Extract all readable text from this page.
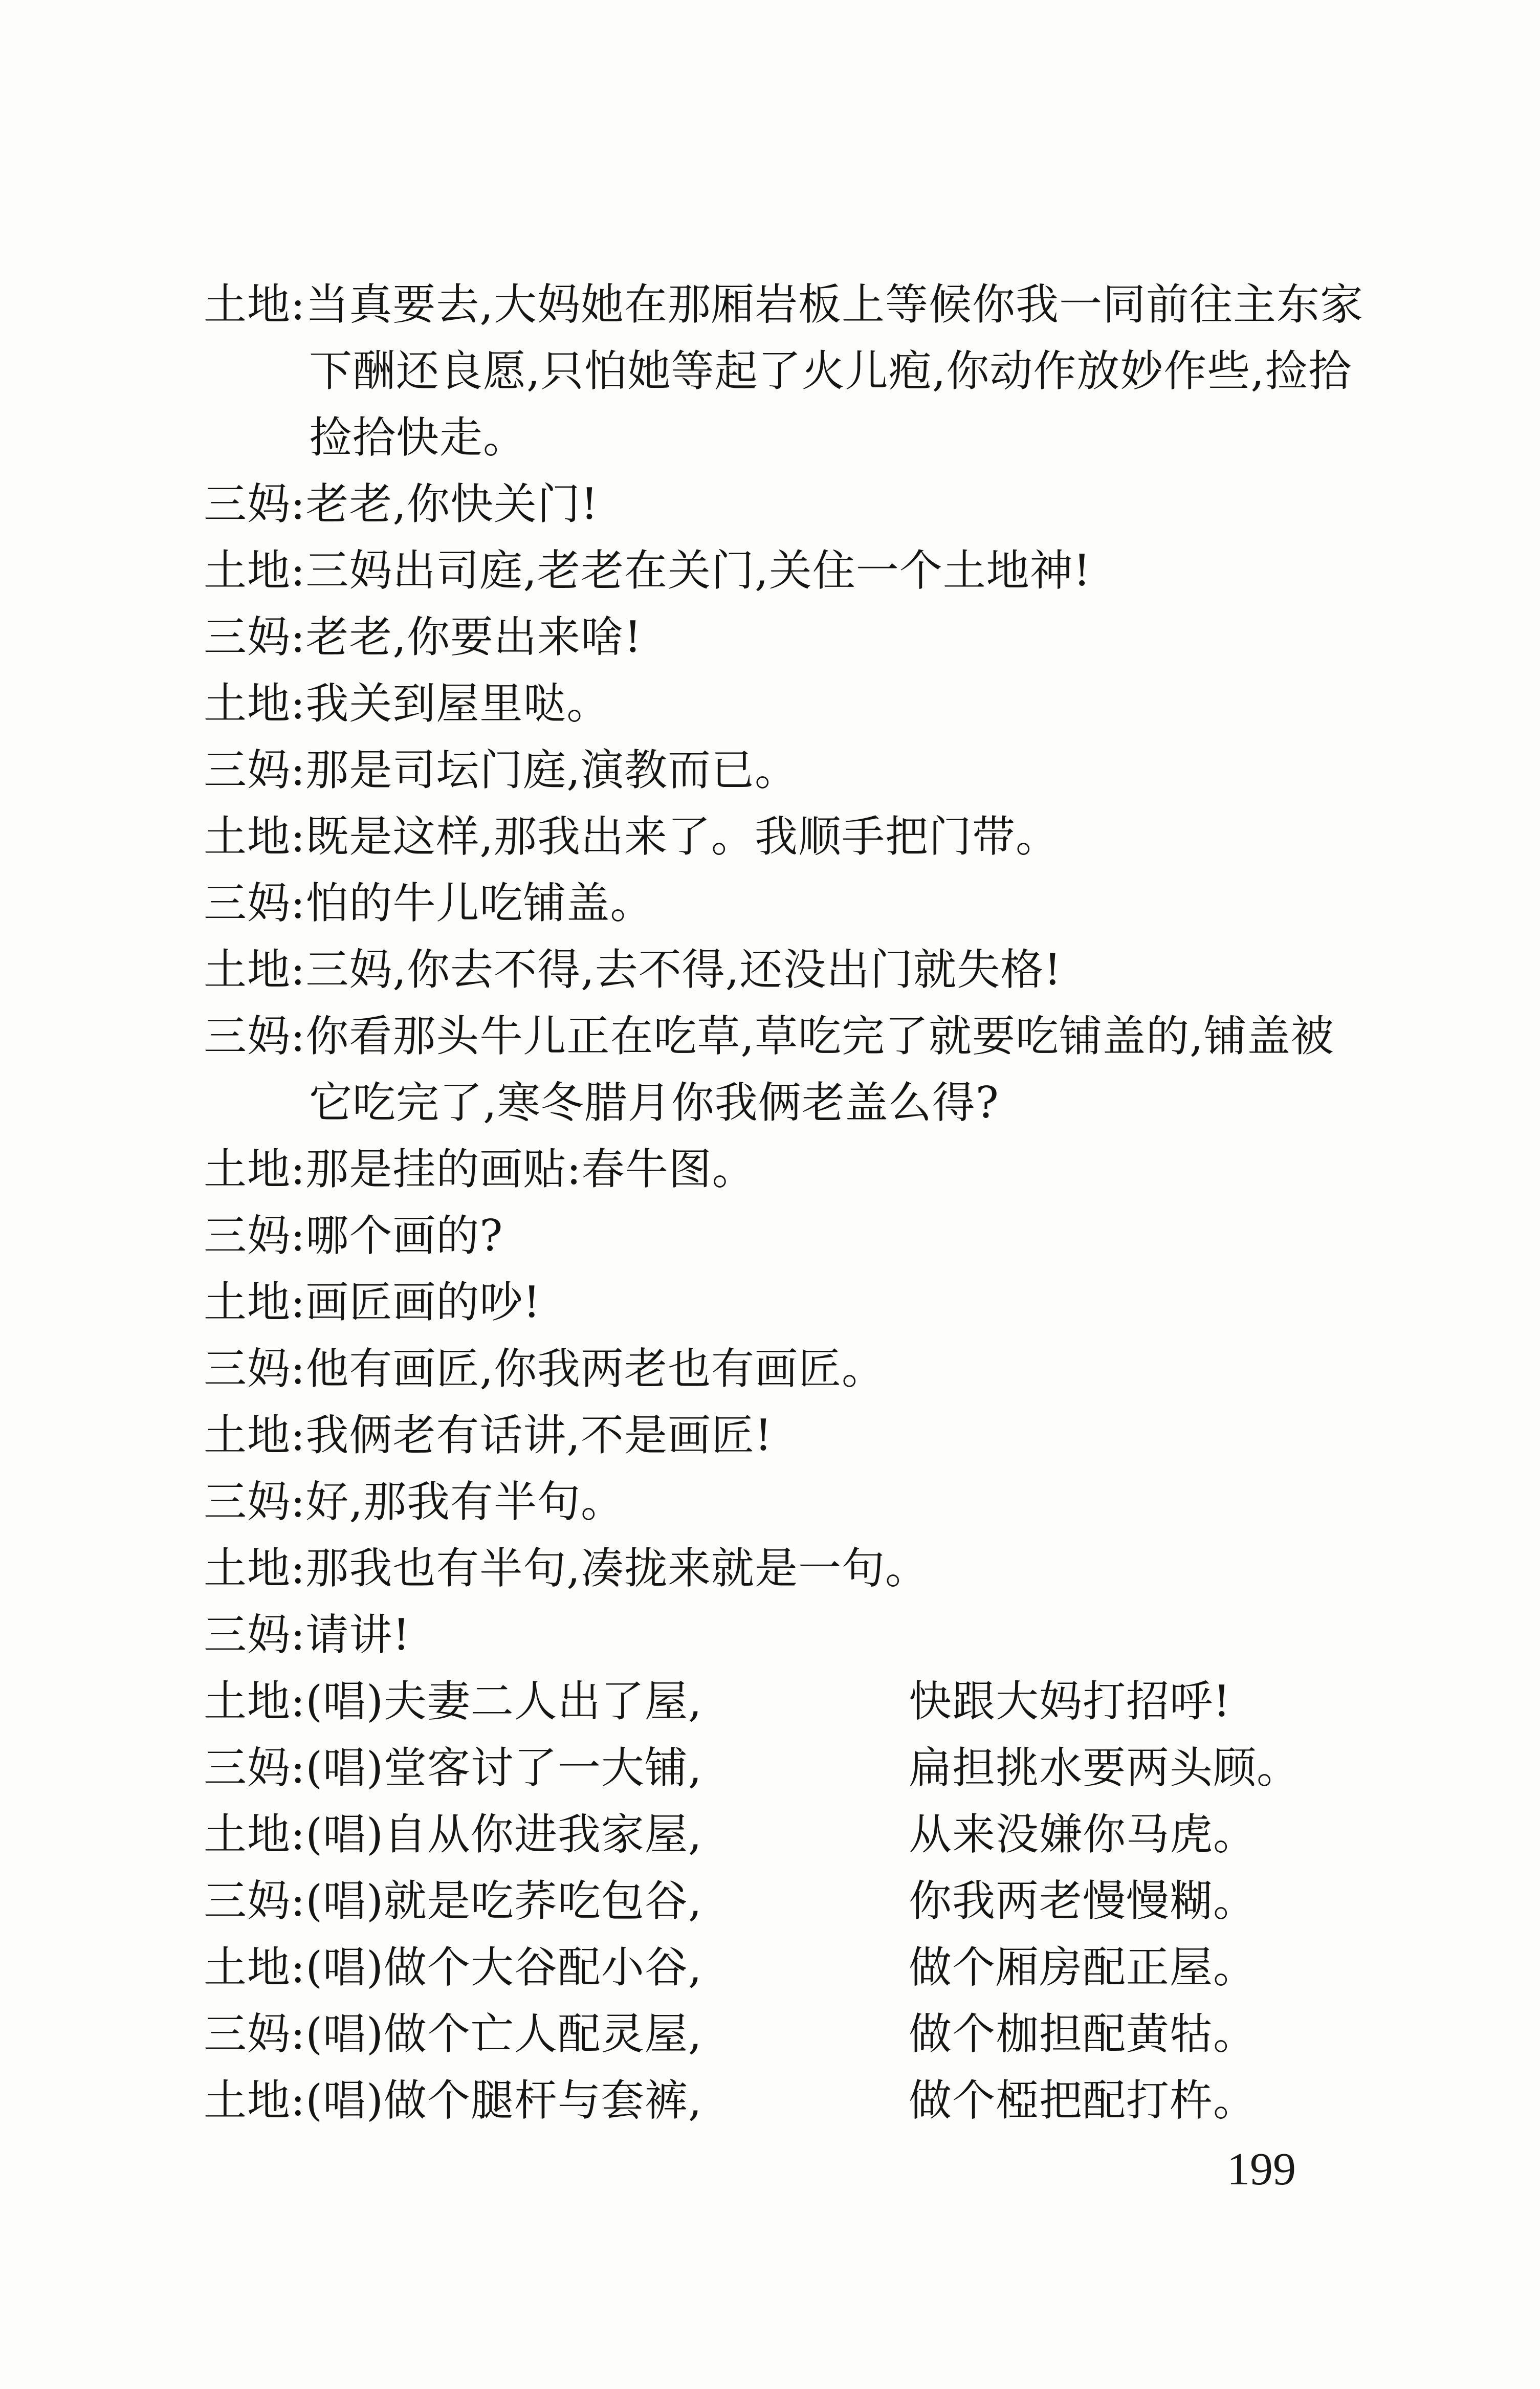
土地:当真要去,大妈她在那厢岩板上等候你我一同前往主东家
下酬还良愿,只怕她等起了火儿疱,你动作放妙作些,捡拾
捡拾快走。
三妈:老老,你快关门!
土地:三妈出司庭,老老在关门,关住一个土地神!
三妈:老老,你要出来啥!
土地:我关到屋里哒。
三妈:那是司坛门庭,演教而已。
土地:既是这样,那我出来了。我顺手把门带。
三妈:怕的牛儿吃铺盖。
土地:三妈,你去不得,去不得,还没出门就失格!
三妈:你看那头牛儿正在吃草,草吃完了就要吃铺盖的,铺盖被
它吃完了,寒冬腊月你我俩老盖么得?
土地:那是挂的画贴:春牛图。
三妈:哪个画的?
土地:画匠画的吵!
三妈:他有画匠,你我两老也有画匠。
土地:我俩老有话讲,不是画匠!
三妈:好,那我有半句。
土地:那我也有半句,凑拢来就是一句。
三妈:请讲!
土地:(唱)夫妻二人出了屋,	快跟大妈打招呼!
三妈:(唱)堂客讨了一大铺,	扁担挑水要两头顾。
土地:(唱)自从你进我家屋,	从来没嫌你马虎。
三妈:(唱)就是吃荞吃包谷,	你我两老慢慢糊。
土地:(唱)做个大谷配小谷,	做个厢房配正屋。
三妈:(唱)做个亡人配灵屋,	做个枷担配黄牯。
土地:(唱)做个腿杆与套裤,	做个椏把配打杵。
199
